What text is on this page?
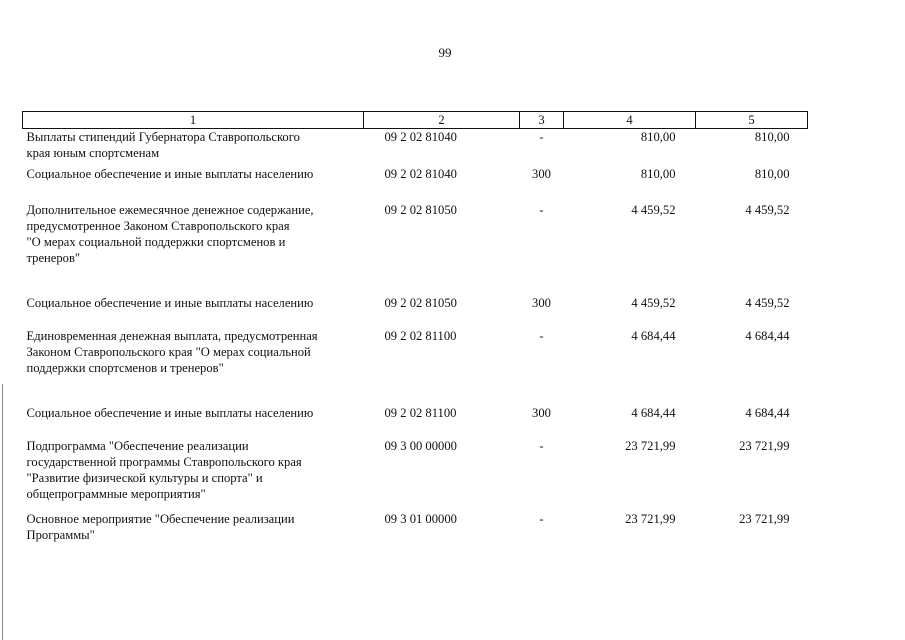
99
1	2	3	4	5

Выплаты стипендий Губернатора Ставропольского
края юным спортсменам	09 2 02 81040	-	810,00	810,00

Социальное обеспечение и иные выплаты населению	09 2 02 81040	300	810,00	810,00

Дополнительное ежемесячное денежное содержание,
предусмотренное Законом Ставропольского края
"О мерах социальной поддержки спортсменов и
тренеров"	09 2 02 81050	-	4 459,52	4 459,52

Социальное обеспечение и иные выплаты населению	09 2 02 81050	300	4 459,52	4 459,52

Единовременная денежная выплата, предусмотренная
Законом Ставропольского края "О мерах социальной
поддержки спортсменов и тренеров"	09 2 02 81100	-	4 684,44	4 684,44

Социальное обеспечение и иные выплаты населению	09 2 02 81100	300	4 684,44	4 684,44

Подпрограмма "Обеспечение реализации
государственной программы Ставропольского края
"Развитие физической культуры и спорта" и
общепрограммные мероприятия"	09 3 00 00000	-	23 721,99	23 721,99

Основное мероприятие "Обеспечение реализации
Программы"	09 3 01 00000	-	23 721,99	23 721,99
